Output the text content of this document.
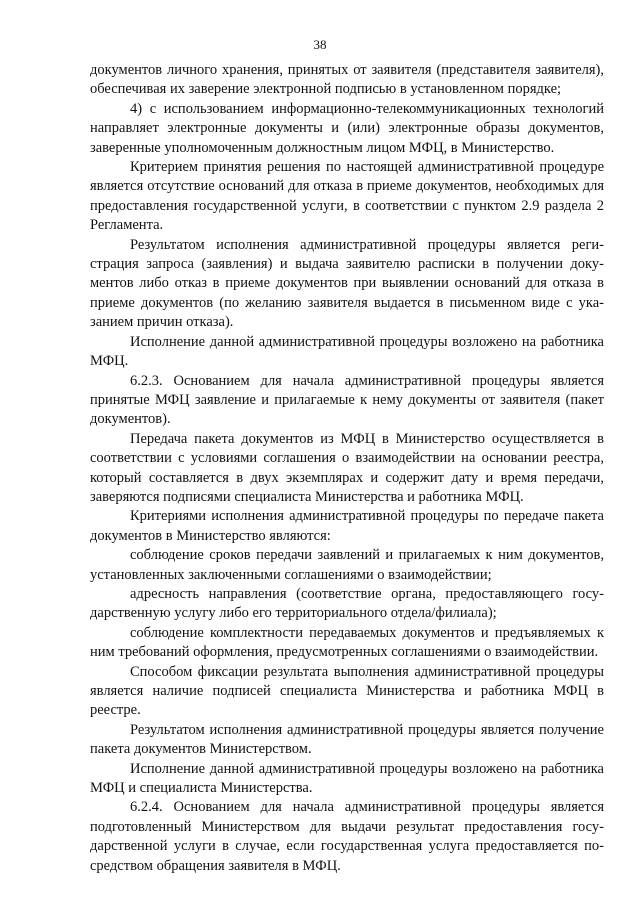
38

документов личного хранения, принятых от заявителя (представителя заявителя), обеспечивая их заверение электронной подписью в установленном порядке;

4) с использованием информационно-телекоммуникационных технологий направляет электронные документы и (или) электронные образы документов, заверенные уполномоченным должностным лицом МФЦ, в Министерство.

Критерием принятия решения по настоящей административной процедуре является отсутствие оснований для отказа в приеме документов, необходимых для предоставления государственной услуги, в соответствии с пунктом 2.9 раздела 2 Регламента.

Результатом исполнения административной процедуры является регистрация запроса (заявления) и выдача заявителю расписки в получении документов либо отказ в приеме документов при выявлении оснований для отказа в приеме документов (по желанию заявителя выдается в письменном виде с указанием причин отказа).

Исполнение данной административной процедуры возложено на работника МФЦ.

6.2.3. Основанием для начала административной процедуры является принятые МФЦ заявление и прилагаемые к нему документы от заявителя (пакет документов).

Передача пакета документов из МФЦ в Министерство осуществляется в соответствии с условиями соглашения о взаимодействии на основании реестра, который составляется в двух экземплярах и содержит дату и время передачи, заверяются подписями специалиста Министерства и работника МФЦ.

Критериями исполнения административной процедуры по передаче пакета документов в Министерство являются:

соблюдение сроков передачи заявлений и прилагаемых к ним документов, установленных заключенными соглашениями о взаимодействии;

адресность направления (соответствие органа, предоставляющего государственную услугу либо его территориального отдела/филиала);

соблюдение комплектности передаваемых документов и предъявляемых к ним требований оформления, предусмотренных соглашениями о взаимодействии.

Способом фиксации результата выполнения административной процедуры является наличие подписей специалиста Министерства и работника МФЦ в реестре.

Результатом исполнения административной процедуры является получение пакета документов Министерством.

Исполнение данной административной процедуры возложено на работника МФЦ и специалиста Министерства.

6.2.4. Основанием для начала административной процедуры является подготовленный Министерством для выдачи результат предоставления государственной услуги в случае, если государственная услуга предоставляется посредством обращения заявителя в МФЦ.
